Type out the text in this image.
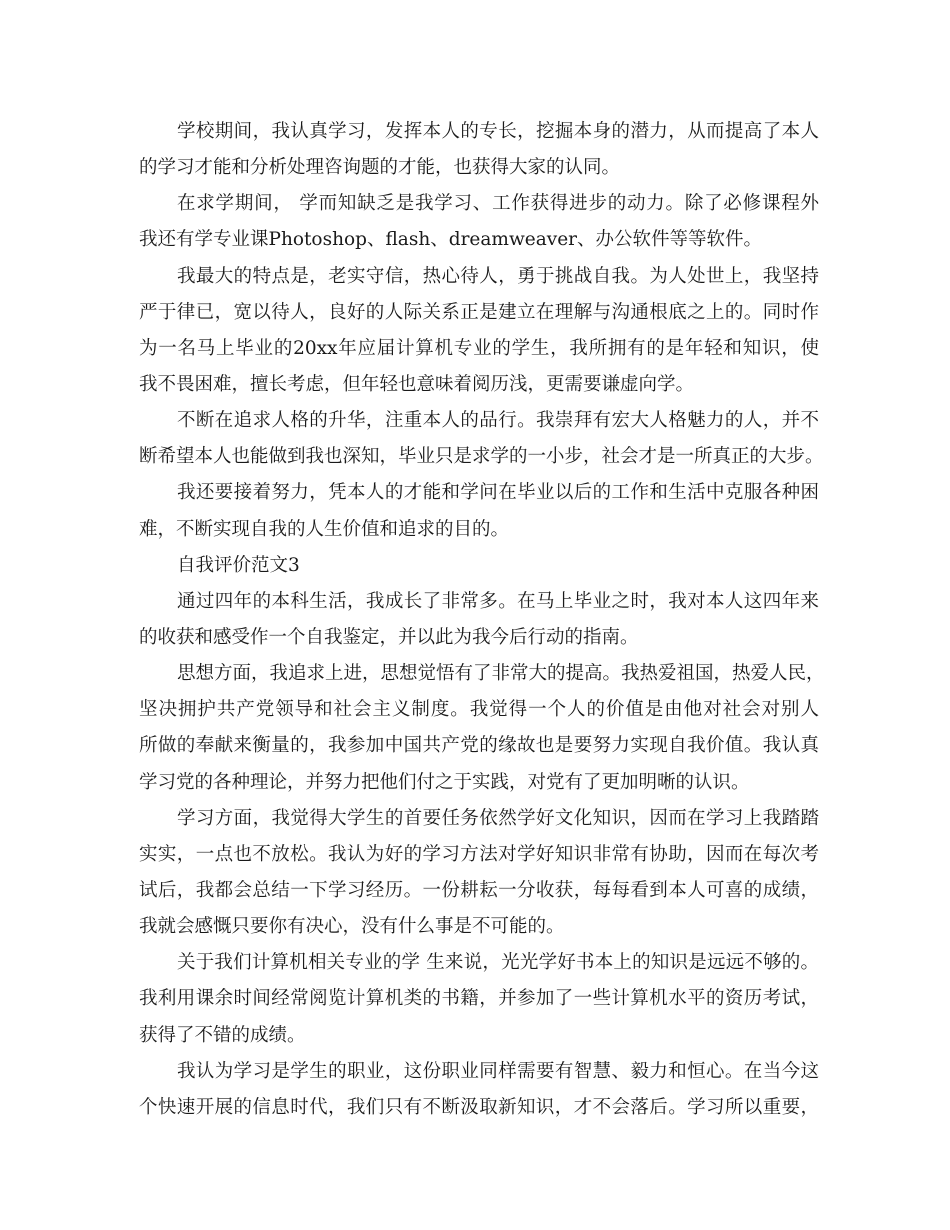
学校期间，我认真学习，发挥本人的专长，挖掘本身的潜力，从而提高了本人
的学习才能和分析处理咨询题的才能，也获得大家的认同。
在求学期间， 学而知缺乏是我学习、工作获得进步的动力。除了必修课程外
我还有学专业课Photoshop、flash、dreamweaver、办公软件等等软件。
我最大的特点是，老实守信，热心待人，勇于挑战自我。为人处世上，我坚持
严于律已，宽以待人，良好的人际关系正是建立在理解与沟通根底之上的。同时作
为一名马上毕业的20xx年应届计算机专业的学生，我所拥有的是年轻和知识，使
我不畏困难，擅长考虑，但年轻也意味着阅历浅，更需要谦虚向学。
不断在追求人格的升华，注重本人的品行。我崇拜有宏大人格魅力的人，并不
断希望本人也能做到我也深知，毕业只是求学的一小步，社会才是一所真正的大步。
我还要接着努力，凭本人的才能和学问在毕业以后的工作和生活中克服各种困
难，不断实现自我的人生价值和追求的目的。
自我评价范文3
通过四年的本科生活，我成长了非常多。在马上毕业之时，我对本人这四年来
的收获和感受作一个自我鉴定，并以此为我今后行动的指南。
思想方面，我追求上进，思想觉悟有了非常大的提高。我热爱祖国，热爱人民，
坚决拥护共产党领导和社会主义制度。我觉得一个人的价值是由他对社会对别人
所做的奉献来衡量的，我参加中国共产党的缘故也是要努力实现自我价值。我认真
学习党的各种理论，并努力把他们付之于实践，对党有了更加明晰的认识。
学习方面，我觉得大学生的首要任务依然学好文化知识，因而在学习上我踏踏
实实，一点也不放松。我认为好的学习方法对学好知识非常有协助，因而在每次考
试后，我都会总结一下学习经历。一份耕耘一分收获，每每看到本人可喜的成绩，
我就会感慨只要你有决心，没有什么事是不可能的。
关于我们计算机相关专业的学 生来说，光光学好书本上的知识是远远不够的。
我利用课余时间经常阅览计算机类的书籍，并参加了一些计算机水平的资历考试，
获得了不错的成绩。
我认为学习是学生的职业，这份职业同样需要有智慧、毅力和恒心。在当今这
个快速开展的信息时代，我们只有不断汲取新知识，才不会落后。学习所以重要，
